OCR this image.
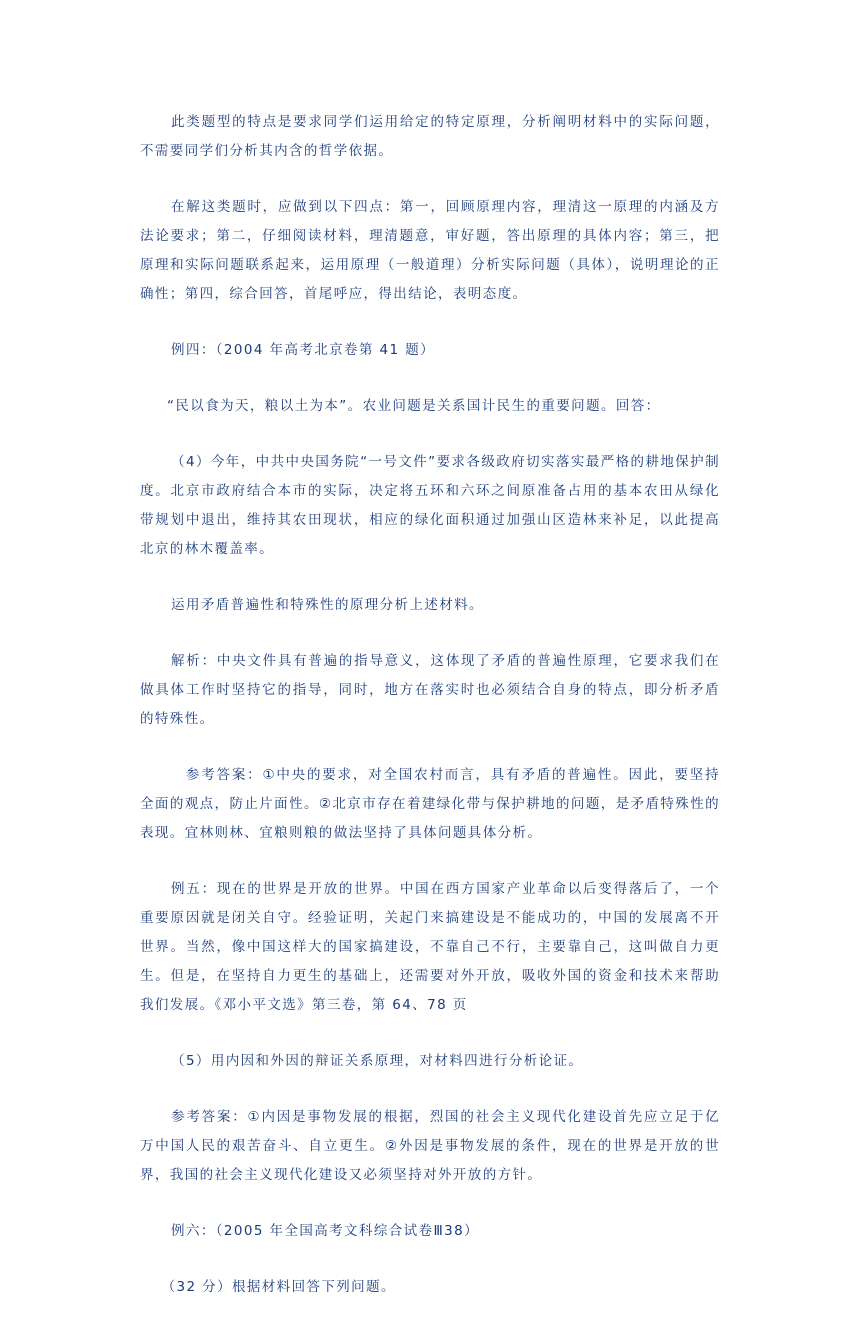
此类题型的特点是要求同学们运用给定的特定原理，分析阐明材料中的实际问题，不需要同学们分析其内含的哲学依据。

在解这类题时，应做到以下四点：第一，回顾原理内容，理清这一原理的内涵及方法论要求；第二，仔细阅读材料，理清题意，审好题，答出原理的具体内容；第三，把原理和实际问题联系起来，运用原理（一般道理）分析实际问题（具体），说明理论的正确性；第四，综合回答，首尾呼应，得出结论，表明态度。

例四：（2004 年高考北京卷第 41 题）

“民以食为天，粮以土为本”。农业问题是关系国计民生的重要问题。回答：

（4）今年，中共中央国务院“一号文件”要求各级政府切实落实最严格的耕地保护制度。北京市政府结合本市的实际，决定将五环和六环之间原准备占用的基本农田从绿化带规划中退出，维持其农田现状，相应的绿化面积通过加强山区造林来补足，以此提高北京的林木覆盖率。

运用矛盾普遍性和特殊性的原理分析上述材料。

解析：中央文件具有普遍的指导意义，这体现了矛盾的普遍性原理，它要求我们在做具体工作时坚持它的指导，同时，地方在落实时也必须结合自身的特点，即分析矛盾的特殊性。

参考答案：①中央的要求，对全国农村而言，具有矛盾的普遍性。因此，要坚持全面的观点，防止片面性。②北京市存在着建绿化带与保护耕地的问题，是矛盾特殊性的表现。宜林则林、宜粮则粮的做法坚持了具体问题具体分析。

例五：现在的世界是开放的世界。中国在西方国家产业革命以后变得落后了，一个重要原因就是闭关自守。经验证明，关起门来搞建设是不能成功的，中国的发展离不开世界。当然，像中国这样大的国家搞建设，不靠自己不行，主要靠自己，这叫做自力更生。但是，在坚持自力更生的基础上，还需要对外开放，吸收外国的资金和技术来帮助我们发展。《邓小平文选》第三卷，第 64、78 页

（5）用内因和外因的辩证关系原理，对材料四进行分析论证。

参考答案：①内因是事物发展的根据，烈国的社会主义现代化建设首先应立足于亿万中国人民的艰苦奋斗、自立更生。②外因是事物发展的条件，现在的世界是开放的世界，我国的社会主义现代化建设又必须坚持对外开放的方针。

例六：（2005 年全国高考文科综合试卷Ⅲ38）

（32 分）根据材料回答下列问题。
